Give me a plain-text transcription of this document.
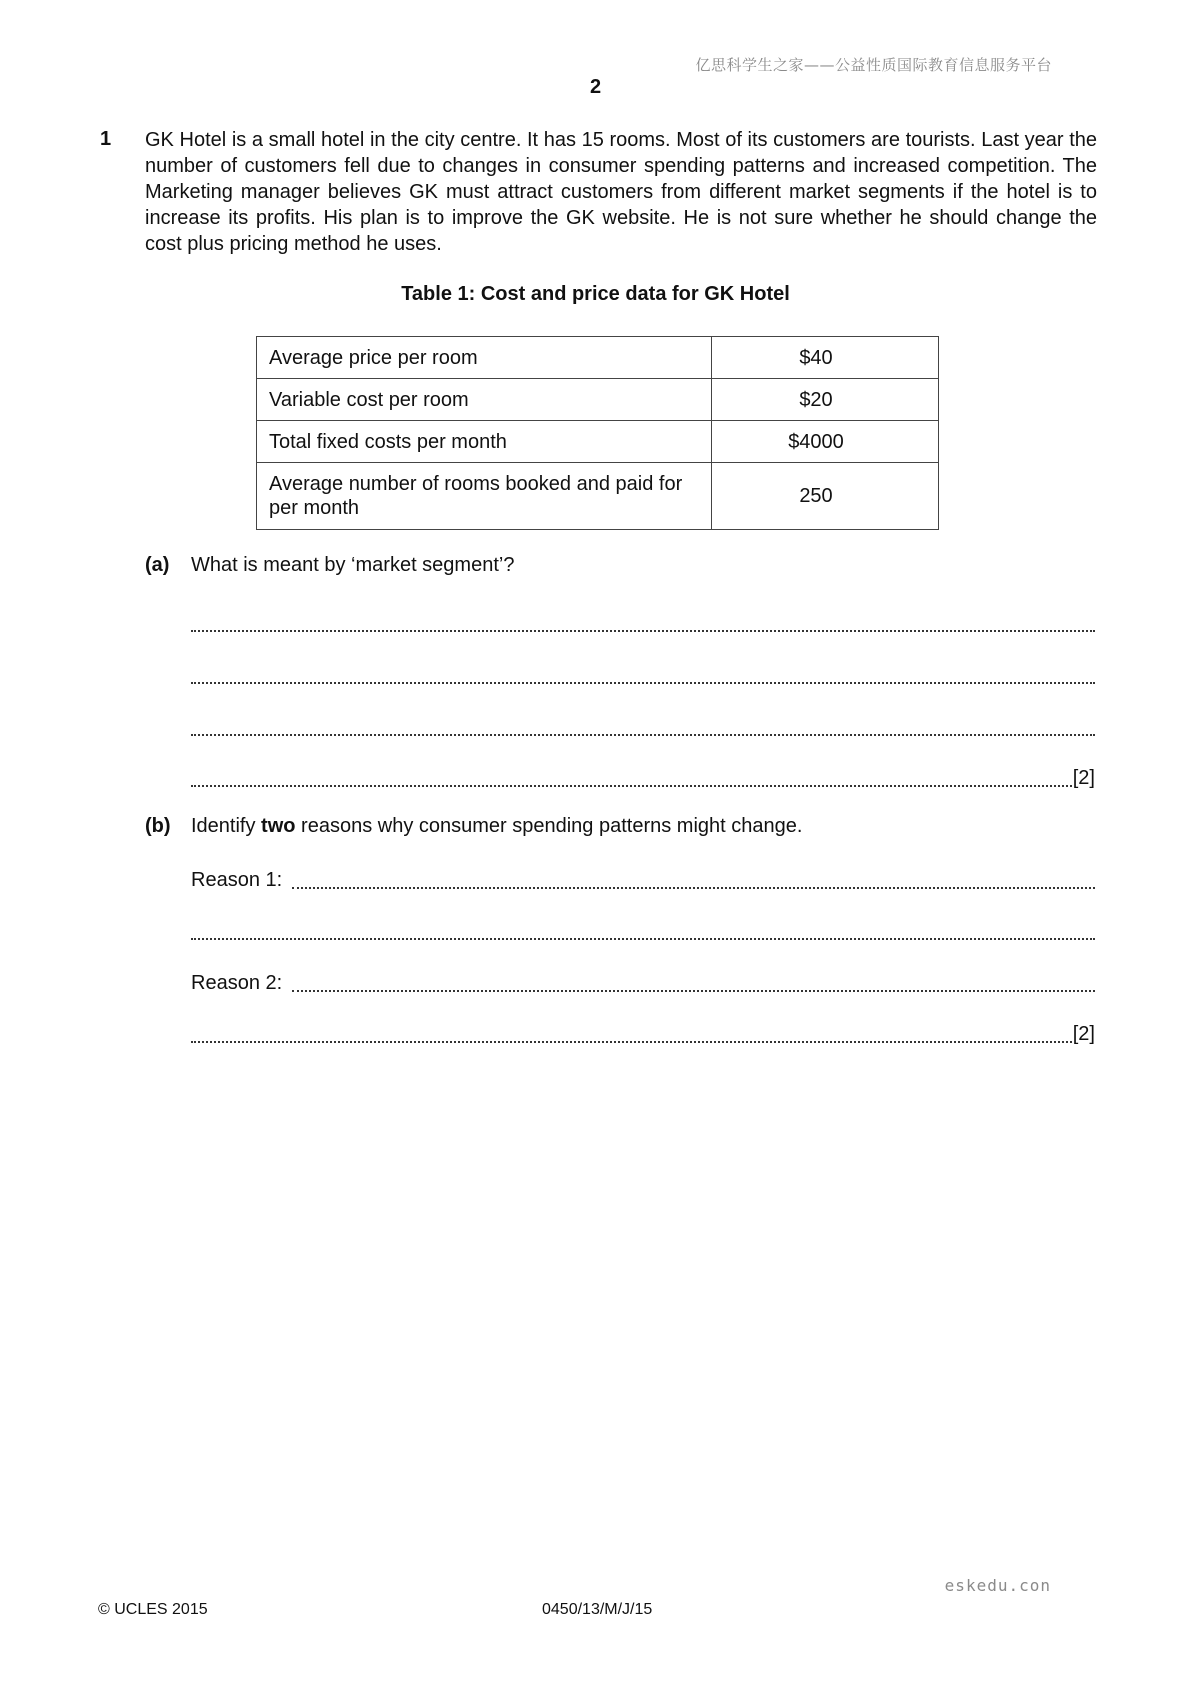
亿思科学生之家——公益性质国际教育信息服务平台
2
1 GK Hotel is a small hotel in the city centre. It has 15 rooms. Most of its customers are tourists. Last year the number of customers fell due to changes in consumer spending patterns and increased competition. The Marketing manager believes GK must attract customers from different market segments if the hotel is to increase its profits. His plan is to improve the GK website. He is not sure whether he should change the cost plus pricing method he uses.
Table 1: Cost and price data for GK Hotel
Average price per room	$40
Variable cost per room	$20
Total fixed costs per month	$4000
Average number of rooms booked and paid for per month	250
(a) What is meant by ‘market segment’?
[2]
(b) Identify two reasons why consumer spending patterns might change.
Reason 1:
Reason 2:
[2]
eskedu.con
© UCLES 2015	0450/13/M/J/15
